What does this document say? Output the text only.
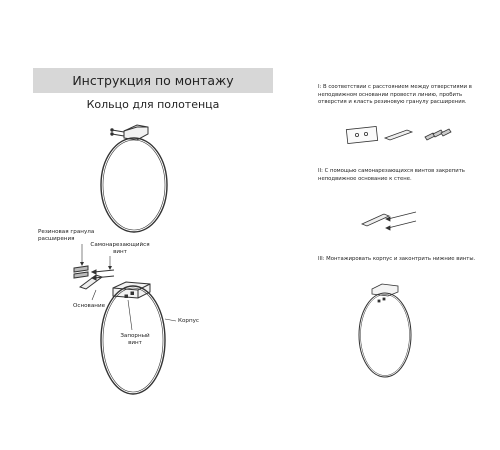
Инструкция по монтажу
Кольцо для полотенца
Резиновая гранула расширения
Самонарезающийся винт
Основание
Корпус
Запорный винт
I: В соответствии с расстоянием между отверстиями в неподвижном основании провести линию, пробить отверстия и класть резиновую гранулу расширения.
II: С помощью самонарезающихся винтов закрепить неподвижное основание к стене.
III: Монтажировать корпус и законтрить нижние винты.
